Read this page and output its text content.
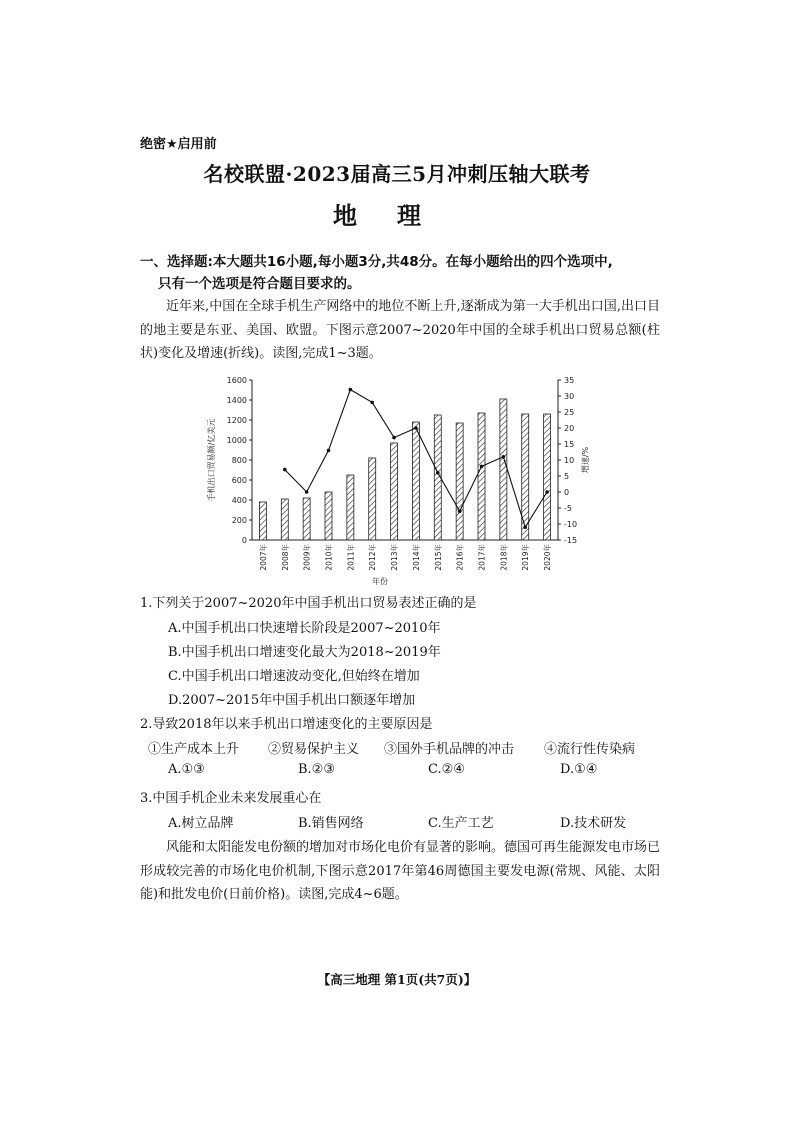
绝密★启用前
名校联盟·2023届高三5月冲刺压轴大联考
地理
一、选择题:本大题共16小题,每小题3分,共48分。在每小题给出的四个选项中,
只有一个选项是符合题目要求的。
近年来,中国在全球手机生产网络中的地位不断上升,逐渐成为第一大手机出口国,出口目的地主要是东亚、美国、欧盟。下图示意2007~2020年中国的全球手机出口贸易总额(柱状)变化及增速(折线)。读图,完成1~3题。
0
200
400
600
800
1000
1200
1400
1600	35
30
25
20
15
10
5
0
-5
-10
-15
2007年 2008年 2009年 2010年 2011年 2012年 2013年 2014年 2015年 2016年 2017年 2018年 2019年 2020年
手机出口贸易额/亿美元	增速/%
年份
1.下列关于2007~2020年中国手机出口贸易表述正确的是
A.中国手机出口快速增长阶段是2007~2010年
B.中国手机出口增速变化最大为2018~2019年
C.中国手机出口增速波动变化,但始终在增加
D.2007~2015年中国手机出口额逐年增加
2.导致2018年以来手机出口增速变化的主要原因是
①生产成本上升 ②贸易保护主义 ③国外手机品牌的冲击 ④流行性传染病
A.①③	B.②③	C.②④	D.①④
3.中国手机企业未来发展重心在
A.树立品牌	B.销售网络	C.生产工艺	D.技术研发
风能和太阳能发电份额的增加对市场化电价有显著的影响。德国可再生能源发电市场已形成较完善的市场化电价机制,下图示意2017年第46周德国主要发电源(常规、风能、太阳能)和批发电价(日前价格)。读图,完成4~6题。
【高三地理 第1页(共7页)】
